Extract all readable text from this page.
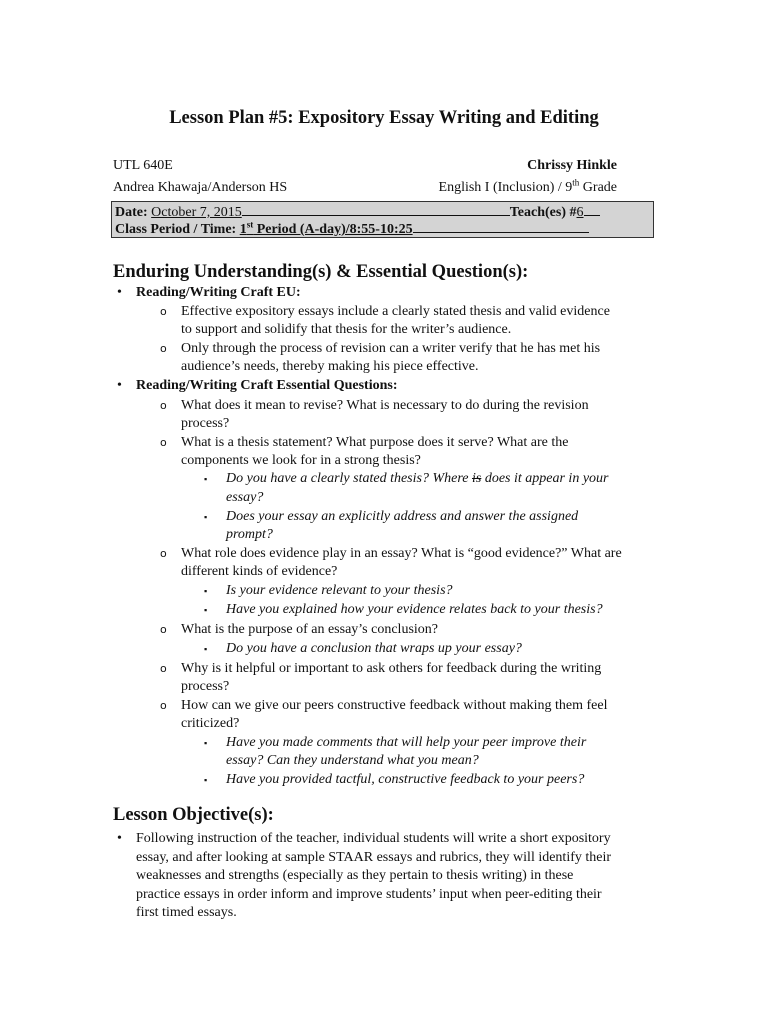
Lesson Plan #5: Expository Essay Writing and Editing
UTL 640E	Chrissy Hinkle
Andrea Khawaja/Anderson HS	English I (Inclusion) / 9th Grade
Date: October 7, 2015	Teach(es) #6
Class Period / Time: 1st Period (A-day)/8:55-10:25
Enduring Understanding(s) & Essential Question(s):
• Reading/Writing Craft EU:
o Effective expository essays include a clearly stated thesis and valid evidence
to support and solidify that thesis for the writer’s audience.
o Only through the process of revision can a writer verify that he has met his
audience’s needs, thereby making his piece effective.
• Reading/Writing Craft Essential Questions:
o What does it mean to revise? What is necessary to do during the revision
process?
o What is a thesis statement? What purpose does it serve? What are the
components we look for in a strong thesis?
▪ Do you have a clearly stated thesis? Where is does it appear in your
essay?
▪ Does your essay an explicitly address and answer the assigned
prompt?
o What role does evidence play in an essay? What is “good evidence?” What are
different kinds of evidence?
▪ Is your evidence relevant to your thesis?
▪ Have you explained how your evidence relates back to your thesis?
o What is the purpose of an essay’s conclusion?
▪ Do you have a conclusion that wraps up your essay?
o Why is it helpful or important to ask others for feedback during the writing
process?
o How can we give our peers constructive feedback without making them feel
criticized?
▪ Have you made comments that will help your peer improve their
essay? Can they understand what you mean?
▪ Have you provided tactful, constructive feedback to your peers?
Lesson Objective(s):
• Following instruction of the teacher, individual students will write a short expository
essay, and after looking at sample STAAR essays and rubrics, they will identify their
weaknesses and strengths (especially as they pertain to thesis writing) in these
practice essays in order inform and improve students’ input when peer-editing their
first timed essays.
